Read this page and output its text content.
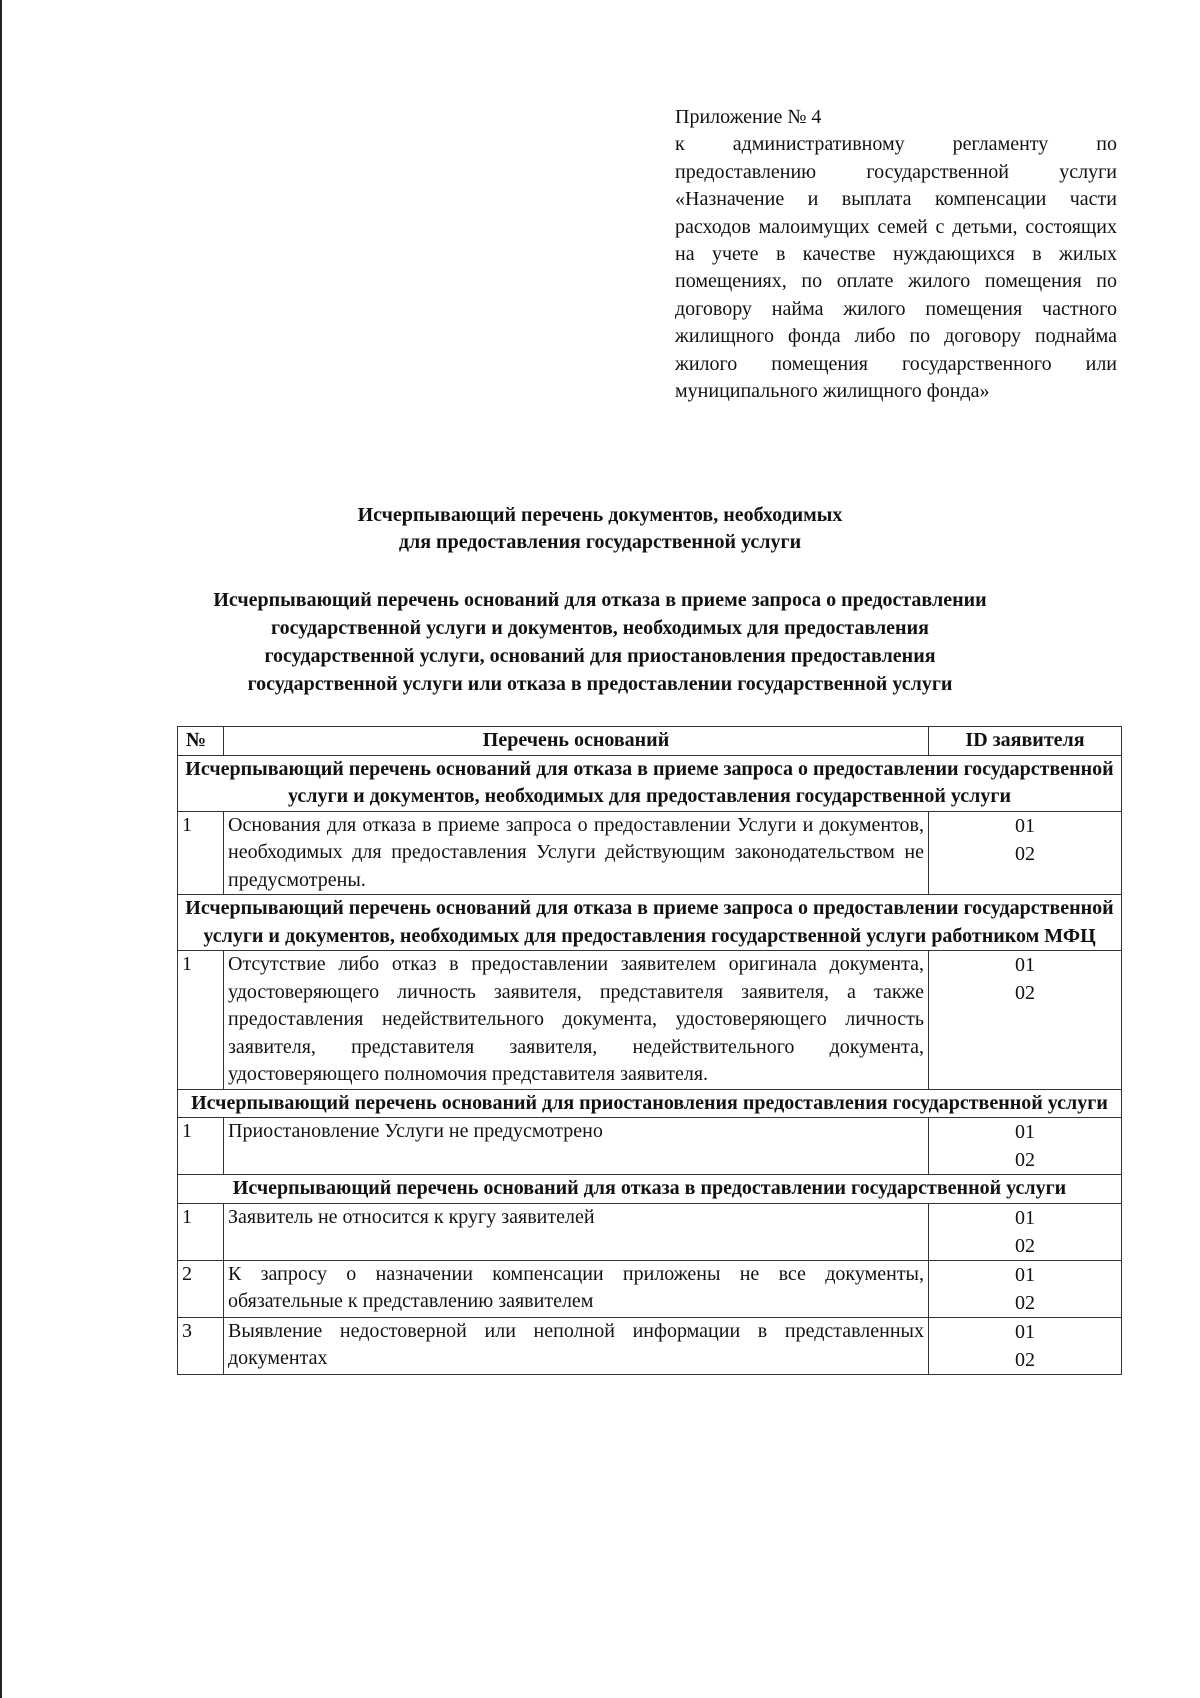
Приложение № 4
к административному регламенту по предоставлению государственной услуги «Назначение и выплата компенсации части расходов малоимущих семей с детьми, состоящих на учете в качестве нуждающихся в жилых помещениях, по оплате жилого помещения по договору найма жилого помещения частного жилищного фонда либо по договору поднайма жилого помещения государственного или муниципального жилищного фонда»
Исчерпывающий перечень документов, необходимых
для предоставления государственной услуги
Исчерпывающий перечень оснований для отказа в приеме запроса о предоставлении
государственной услуги и документов, необходимых для предоставления
государственной услуги, оснований для приостановления предоставления
государственной услуги или отказа в предоставлении государственной услуги
№	Перечень оснований	ID заявителя
Исчерпывающий перечень оснований для отказа в приеме запроса о предоставлении государственной услуги и документов, необходимых для предоставления государственной услуги		
1	Основания для отказа в приеме запроса о предоставлении Услуги и документов, необходимых для предоставления Услуги действующим законодательством не предусмотрены.	01
02

Исчерпывающий перечень оснований для отказа в приеме запроса о предоставлении государственной услуги и документов, необходимых для предоставления государственной услуги работником МФЦ		
1	Отсутствие либо отказ в предоставлении заявителем оригинала документа, удостоверяющего личность заявителя, представителя заявителя, а также предоставления недействительного документа, удостоверяющего личность заявителя, представителя заявителя, недействительного документа, удостоверяющего полномочия представителя заявителя.	01
02

Исчерпывающий перечень оснований для приостановления предоставления государственной услуги		
1	Приостановление Услуги не предусмотрено	01
02

Исчерпывающий перечень оснований для отказа в предоставлении государственной услуги		
1	Заявитель не относится к кругу заявителей	01
02

2	К запросу о назначении компенсации приложены не все документы, обязательные к представлению заявителем	01
02

3	Выявление недостоверной или неполной информации в представленных документах	01
02
